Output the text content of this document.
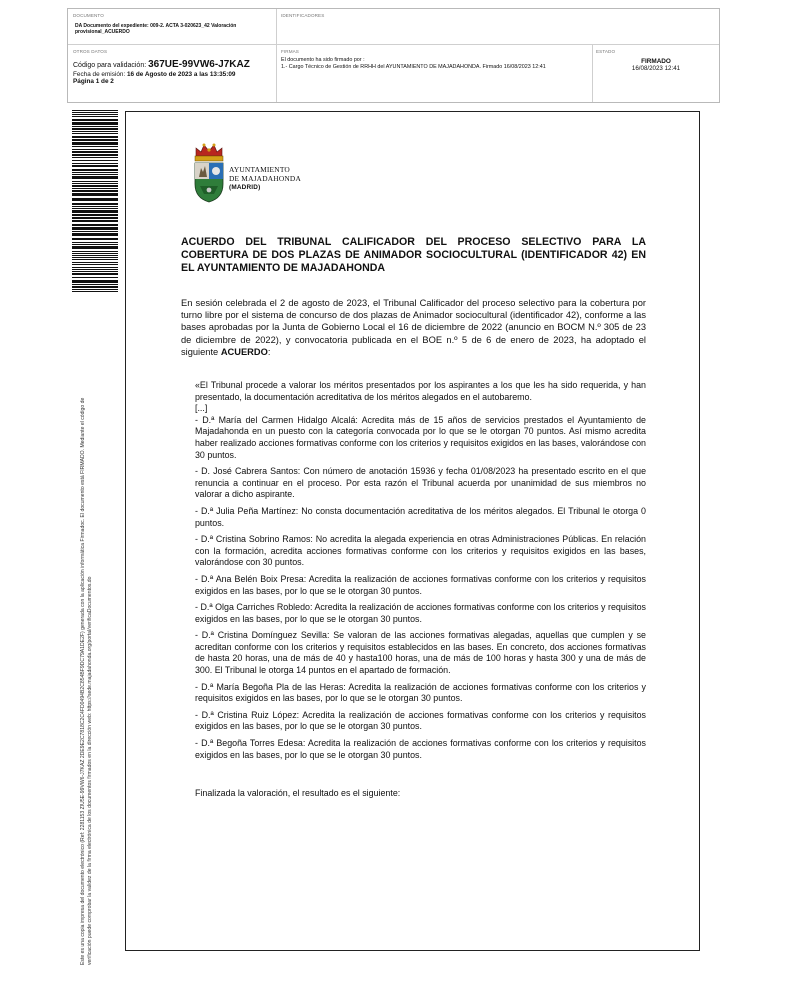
DOCUMENTO
DA Documento del expediente: 009-2. ACTA 3-020623_42 Valoración provisional_ACUERDO
IDENTIFICADORES
OTROS DATOS
Código para validación: 367UE-99VW6-J7KAZ
Fecha de emisión: 16 de Agosto de 2023 a las 13:35:09
Página 1 de 2
FIRMAS
El documento ha sido firmado por :
1.- Cargo Técnico de Gestión de RRHH del AYUNTAMIENTO DE MAJADAHONDA. Firmado 16/08/2023 12:41
ESTADO
FIRMADO
16/08/2023 12:41
Este es una copia impresa del documento electrónico (Ref: 2281153 ZIU5E-99VW6-J7KAZ 2DE9E2C7818C2C4FD0494B2C854BF9DC79A1DE2F) generada con la aplicación informática Firmadoc. El documento está FIRMADO. Mediante el código de verificación puede comprobar la validez de la firma electrónica de los documentos firmados en la dirección web: https://sede.majadahonda.org/portal/verificaDocumentos.do
AYUNTAMIENTO
DE MAJADAHONDA
(MADRID)
ACUERDO DEL TRIBUNAL CALIFICADOR DEL PROCESO SELECTIVO PARA LA COBERTURA DE DOS PLAZAS DE ANIMADOR SOCIOCULTURAL (IDENTIFICADOR 42) EN EL AYUNTAMIENTO DE MAJADAHONDA
En sesión celebrada el 2 de agosto de 2023, el Tribunal Calificador del proceso selectivo para la cobertura por turno libre por el sistema de concurso de dos plazas de Animador sociocultural (identificador 42), conforme a las bases aprobadas por la Junta de Gobierno Local el 16 de diciembre de 2022 (anuncio en BOCM N.º 305 de 23 de diciembre de 2022), y convocatoria publicada en el BOE n.º 5 de 6 de enero de 2023, ha adoptado el siguiente ACUERDO:

«El Tribunal procede a valorar los méritos presentados por los aspirantes a los que les ha sido requerida, y han presentado, la documentación acreditativa de los méritos alegados en el autobaremo.

[...]

- D.ª María del Carmen Hidalgo Alcalá: Acredita más de 15 años de servicios prestados el Ayuntamiento de Majadahonda en un puesto con la categoría convocada por lo que se le otorgan 70 puntos. Así mismo acredita haber realizado acciones formativas conforme con los criterios y requisitos exigidos en las bases, valorándose con 30 puntos.

- D. José Cabrera Santos: Con número de anotación 15936 y fecha 01/08/2023 ha presentado escrito en el que renuncia a continuar en el proceso. Por esta razón el Tribunal acuerda por unanimidad de sus miembros no valorar a dicho aspirante.

- D.ª Julia Peña Martínez: No consta documentación acreditativa de los méritos alegados. El Tribunal le otorga 0 puntos.

- D.ª Cristina Sobrino Ramos: No acredita la alegada experiencia en otras Administraciones Públicas. En relación con la formación, acredita acciones formativas conforme con los criterios y requisitos exigidos en las bases, valorándose con 30 puntos.

- D.ª Ana Belén Boix Presa: Acredita la realización de acciones formativas conforme con los criterios y requisitos exigidos en las bases, por lo que se le otorgan 30 puntos.

- D.ª Olga Carriches Robledo: Acredita la realización de acciones formativas conforme con los criterios y requisitos exigidos en las bases, por lo que se le otorgan 30 puntos.

- D.ª Cristina Domínguez Sevilla: Se valoran de las acciones formativas alegadas, aquellas que cumplen y se acreditan conforme con los criterios y requisitos establecidos en las bases. En concreto, dos acciones formativas de hasta 20 horas, una de más de 40 y hasta100 horas, una de más de 100 horas y hasta 300 y una de más de 300. El Tribunal le otorga 14 puntos en el apartado de formación.

- D.ª María Begoña Pla de las Heras: Acredita la realización de acciones formativas conforme con los criterios y requisitos exigidos en las bases, por lo que se le otorgan 30 puntos.

- D.ª Cristina Ruiz López: Acredita la realización de acciones formativas conforme con los criterios y requisitos exigidos en las bases, por lo que se le otorgan 30 puntos.

- D.ª Begoña Torres Edesa: Acredita la realización de acciones formativas conforme con los criterios y requisitos exigidos en las bases, por lo que se le otorgan 30 puntos.

Finalizada la valoración, el resultado es el siguiente:
